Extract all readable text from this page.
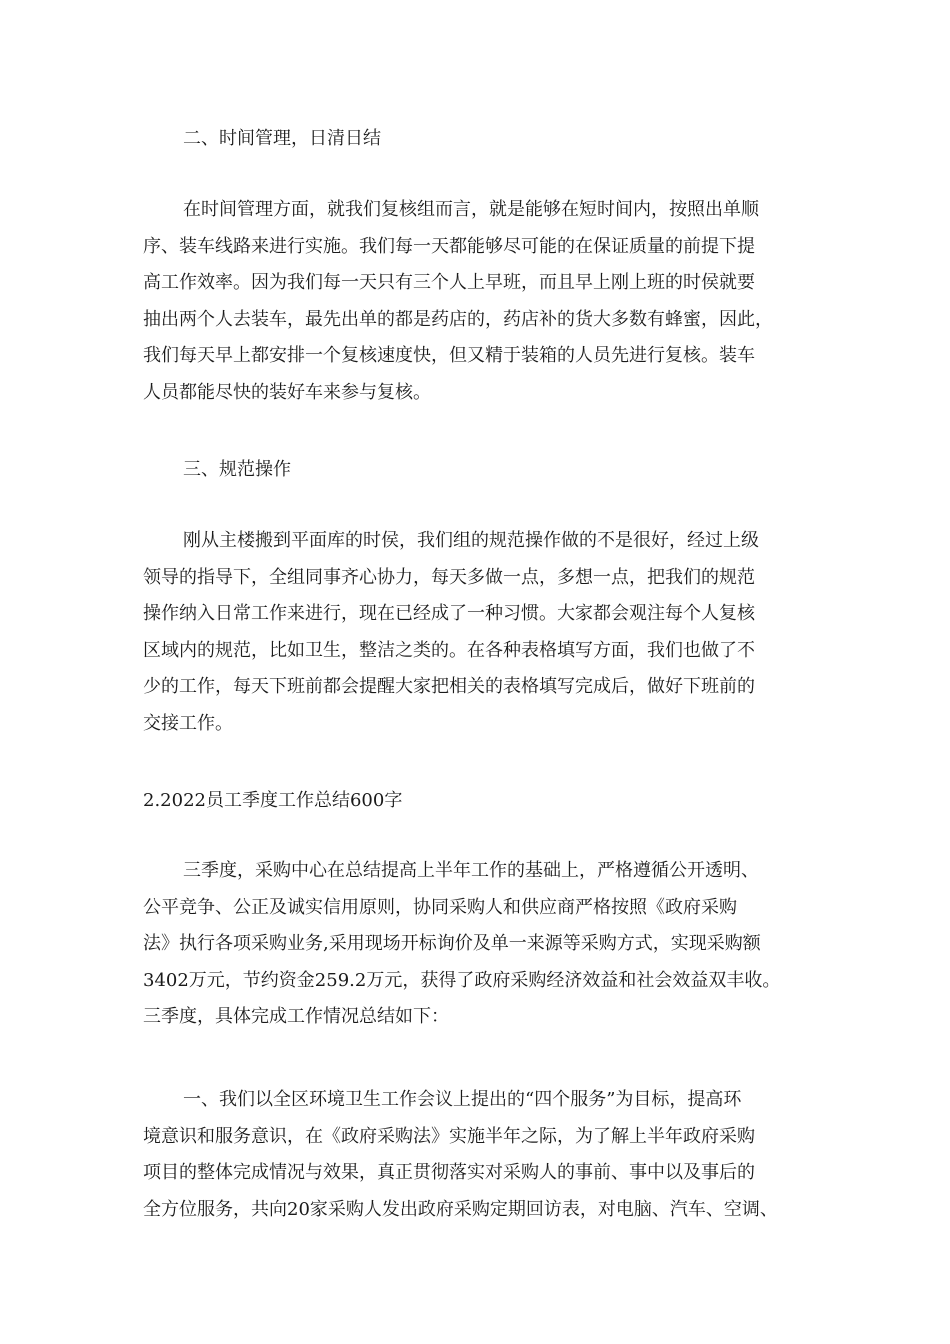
二、时间管理，日清日结
在时间管理方面，就我们复核组而言，就是能够在短时间内，按照出单顺
序、装车线路来进行实施。我们每一天都能够尽可能的在保证质量的前提下提
高工作效率。因为我们每一天只有三个人上早班，而且早上刚上班的时侯就要
抽出两个人去装车，最先出单的都是药店的，药店补的货大多数有蜂蜜，因此，
我们每天早上都安排一个复核速度快，但又精于装箱的人员先进行复核。装车
人员都能尽快的装好车来参与复核。
三、规范操作
刚从主楼搬到平面库的时侯，我们组的规范操作做的不是很好，经过上级
领导的指导下，全组同事齐心协力，每天多做一点，多想一点，把我们的规范
操作纳入日常工作来进行，现在已经成了一种习惯。大家都会观注每个人复核
区域内的规范，比如卫生，整洁之类的。在各种表格填写方面，我们也做了不
少的工作，每天下班前都会提醒大家把相关的表格填写完成后，做好下班前的
交接工作。
2.2022员工季度工作总结600字
三季度，采购中心在总结提高上半年工作的基础上，严格遵循公开透明、
公平竞争、公正及诚实信用原则，协同采购人和供应商严格按照《政府采购
法》执行各项采购业务,采用现场开标询价及单一来源等采购方式，实现采购额
3402万元，节约资金259.2万元，获得了政府采购经济效益和社会效益双丰收。
三季度，具体完成工作情况总结如下：
一、我们以全区环境卫生工作会议上提出的“四个服务”为目标，提高环
境意识和服务意识，在《政府采购法》实施半年之际，为了解上半年政府采购
项目的整体完成情况与效果，真正贯彻落实对采购人的事前、事中以及事后的
全方位服务，共向20家采购人发出政府采购定期回访表，对电脑、汽车、空调、
